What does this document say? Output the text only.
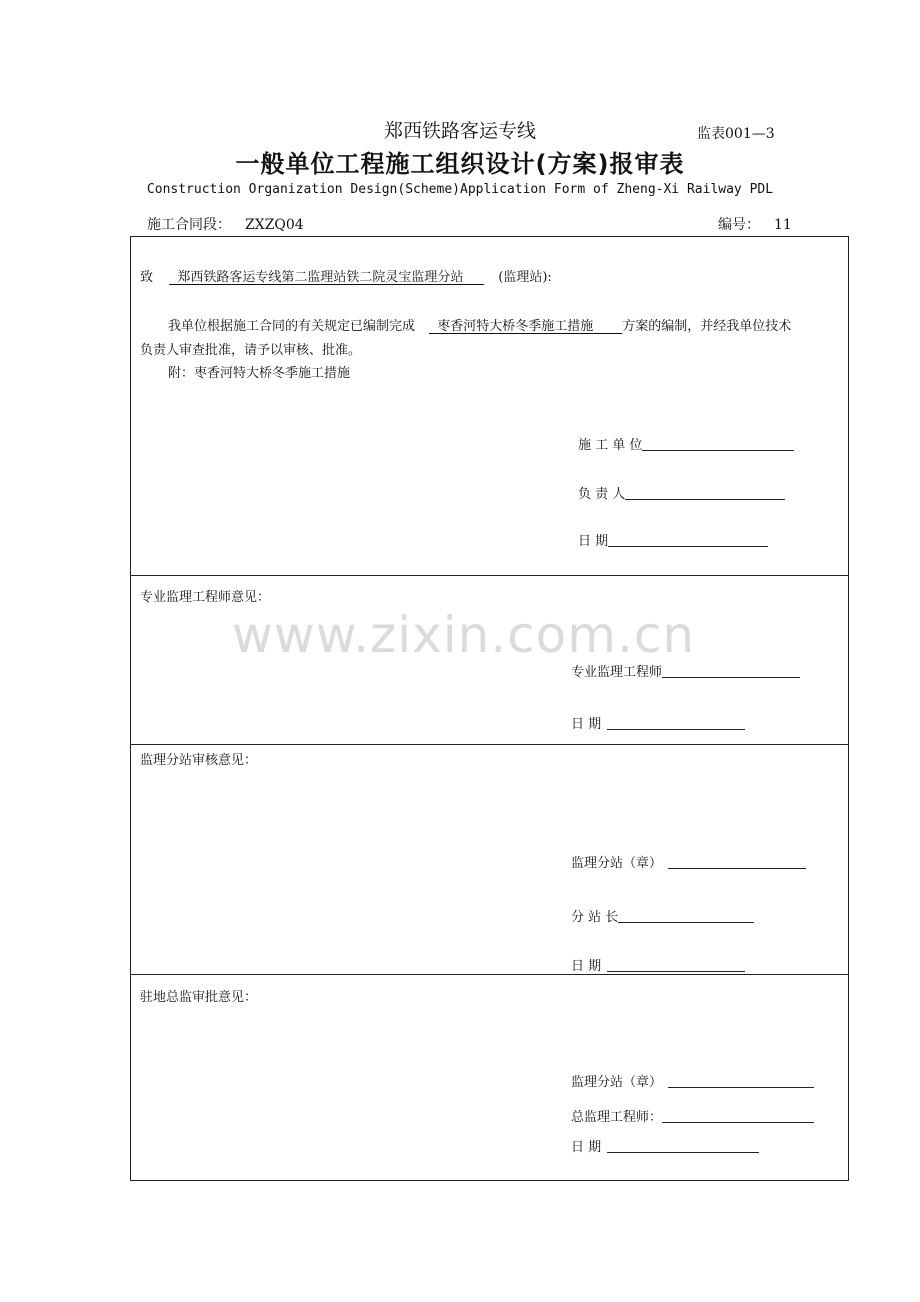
郑西铁路客运专线	监表001—3
一般单位工程施工组织设计(方案)报审表
Construction Organization Design(Scheme)Application Form of Zheng-Xi Railway PDL
施工合同段： ZXZQ04	编号： 11
致 郑西铁路客运专线第二监理站铁二院灵宝监理分站	(监理站):
我单位根据施工合同的有关规定已编制完成 枣香河特大桥冬季施工措施 方案的编制，并经我单位技术
负责人审查批准，请予以审核、批准。
附：枣香河特大桥冬季施工措施
施 工 单 位
负 责 人
日 期
专业监理工程师意见：
专业监理工程师
日 期
监理分站审核意见：
监理分站（章）
分 站 长
日 期
驻地总监审批意见：
监理分站（章）
总监理工程师：
日 期
www.zixin.com.cn
